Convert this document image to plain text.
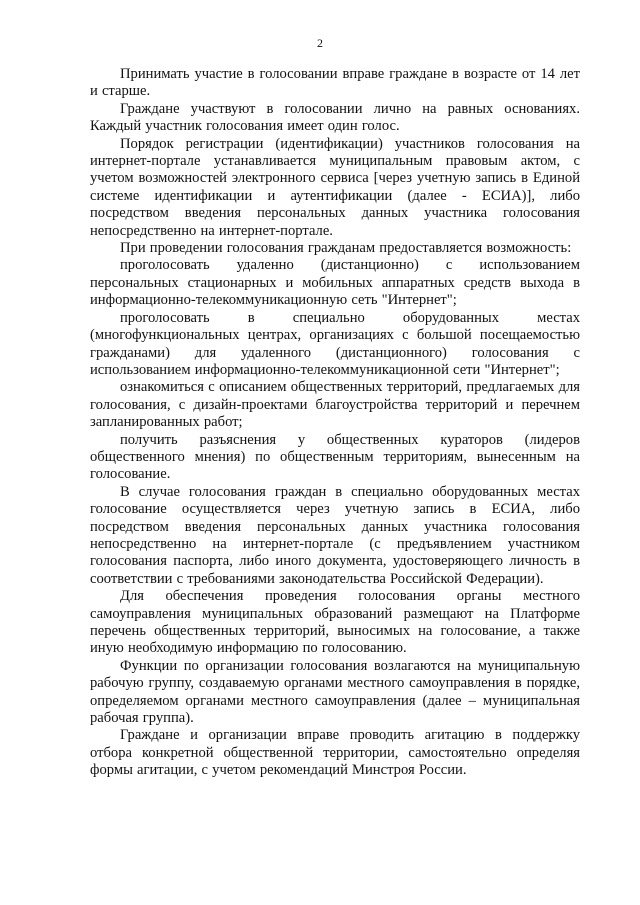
2

Принимать участие в голосовании вправе граждане в возрасте от 14 лет и старше.

Граждане участвуют в голосовании лично на равных основаниях. Каждый участник голосования имеет один голос.

Порядок регистрации (идентификации) участников голосования на интернет-портале устанавливается муниципальным правовым актом, с учетом возможностей электронного сервиса [через учетную запись в Единой системе идентификации и аутентификации (далее - ЕСИА)], либо посредством введения персональных данных участника голосования непосредственно на интернет-портале.

При проведении голосования гражданам предоставляется возможность:

проголосовать удаленно (дистанционно) с использованием персональных стационарных и мобильных аппаратных средств выхода в информационно-телекоммуникационную сеть "Интернет";

проголосовать в специально оборудованных местах (многофункциональных центрах, организациях с большой посещаемостью гражданами) для удаленного (дистанционного) голосования с использованием информационно-телекоммуникационной сети "Интернет";

ознакомиться с описанием общественных территорий, предлагаемых для голосования, с дизайн-проектами благоустройства территорий и перечнем запланированных работ;

получить разъяснения у общественных кураторов (лидеров общественного мнения) по общественным территориям, вынесенным на голосование.

В случае голосования граждан в специально оборудованных местах голосование осуществляется через учетную запись в ЕСИА, либо посредством введения персональных данных участника голосования непосредственно на интернет-портале (с предъявлением участником голосования паспорта, либо иного документа, удостоверяющего личность в соответствии с требованиями законодательства Российской Федерации).

Для обеспечения проведения голосования органы местного самоуправления муниципальных образований размещают на Платформе перечень общественных территорий, выносимых на голосование, а также иную необходимую информацию по голосованию.

Функции по организации голосования возлагаются на муниципальную рабочую группу, создаваемую органами местного самоуправления в порядке, определяемом органами местного самоуправления (далее – муниципальная рабочая группа).

Граждане и организации вправе проводить агитацию в поддержку отбора конкретной общественной территории, самостоятельно определяя формы агитации, с учетом рекомендаций Минстроя России.
